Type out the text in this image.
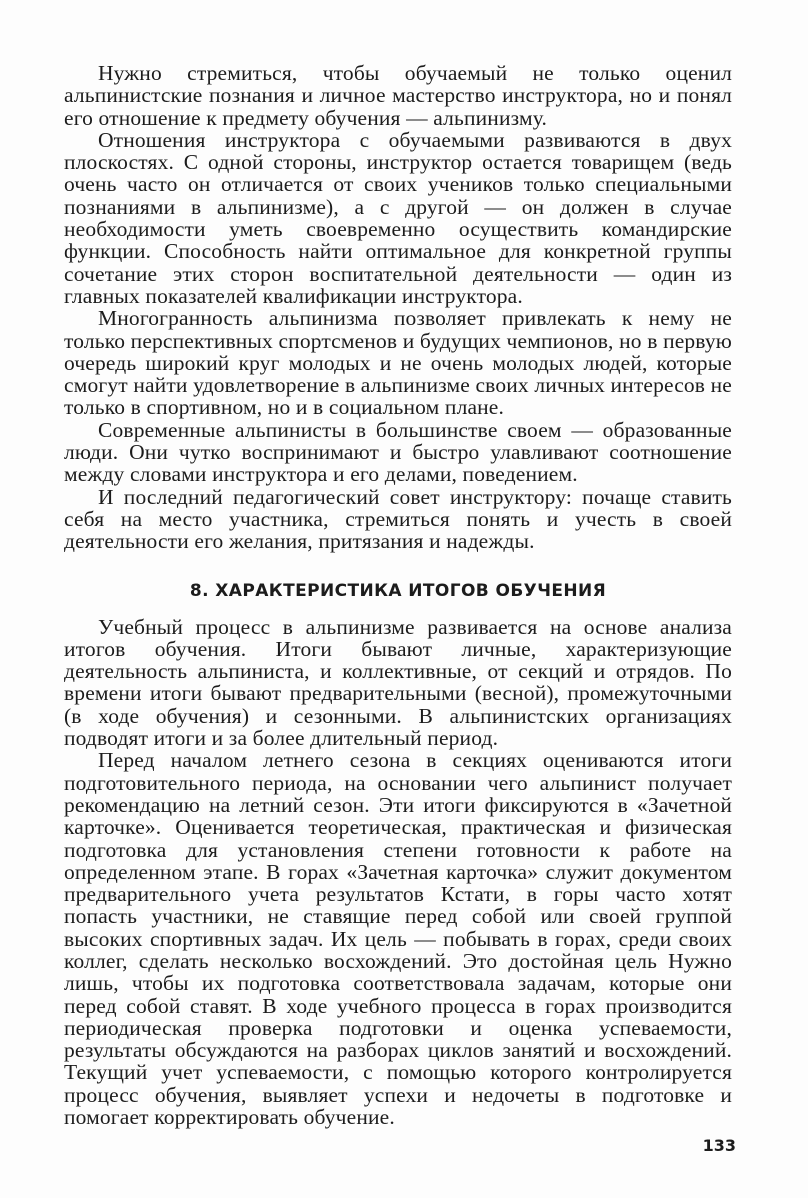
Нужно стремиться, чтобы обучаемый не только оценил альпинистские познания и личное мастерство инструктора, но и понял его отношение к предмету обучения — альпинизму.

Отношения инструктора с обучаемыми развиваются в двух плоскостях. С одной стороны, инструктор остается товарищем (ведь очень часто он отличается от своих учеников только специальными познаниями в альпинизме), а с другой — он должен в случае необходимости уметь своевременно осуществить командирские функции. Способность найти оптимальное для конкретной группы сочетание этих сторон воспитательной деятельности — один из главных показателей квалификации инструктора.

Многогранность альпинизма позволяет привлекать к нему не только перспективных спортсменов и будущих чемпионов, но в первую очередь широкий круг молодых и не очень молодых людей, которые смогут найти удовлетворение в альпинизме своих личных интересов не только в спортивном, но и в социальном плане.

Современные альпинисты в большинстве своем — образованные люди. Они чутко воспринимают и быстро улавливают соотношение между словами инструктора и его делами, поведением.

И последний педагогический совет инструктору: почаще ставить себя на место участника, стремиться понять и учесть в своей деятельности его желания, притязания и надежды.

8. ХАРАКТЕРИСТИКА ИТОГОВ ОБУЧЕНИЯ

Учебный процесс в альпинизме развивается на основе анализа итогов обучения. Итоги бывают личные, характеризующие деятельность альпиниста, и коллективные, от секций и отрядов. По времени итоги бывают предварительными (весной), промежуточными (в ходе обучения) и сезонными. В альпинистских организациях подводят итоги и за более длительный период.

Перед началом летнего сезона в секциях оцениваются итоги подготовительного периода, на основании чего альпинист получает рекомендацию на летний сезон. Эти итоги фиксируются в «Зачетной карточке». Оценивается теоретическая, практическая и физическая подготовка для установления степени готовности к работе на определенном этапе. В горах «Зачетная карточка» служит документом предварительного учета результатов Кстати, в горы часто хотят попасть участники, не ставящие перед собой или своей группой высоких спортивных задач. Их цель — побывать в горах, среди своих коллег, сделать несколько восхождений. Это достойная цель Нужно лишь, чтобы их подготовка соответствовала задачам, которые они перед собой ставят. В ходе учебного процесса в горах производится периодическая проверка подготовки и оценка успеваемости, результаты обсуждаются на разборах циклов занятий и восхождений. Текущий учет успеваемости, с помощью которого контролируется процесс обучения, выявляет успехи и недочеты в подготовке и помогает корректировать обучение.

133
